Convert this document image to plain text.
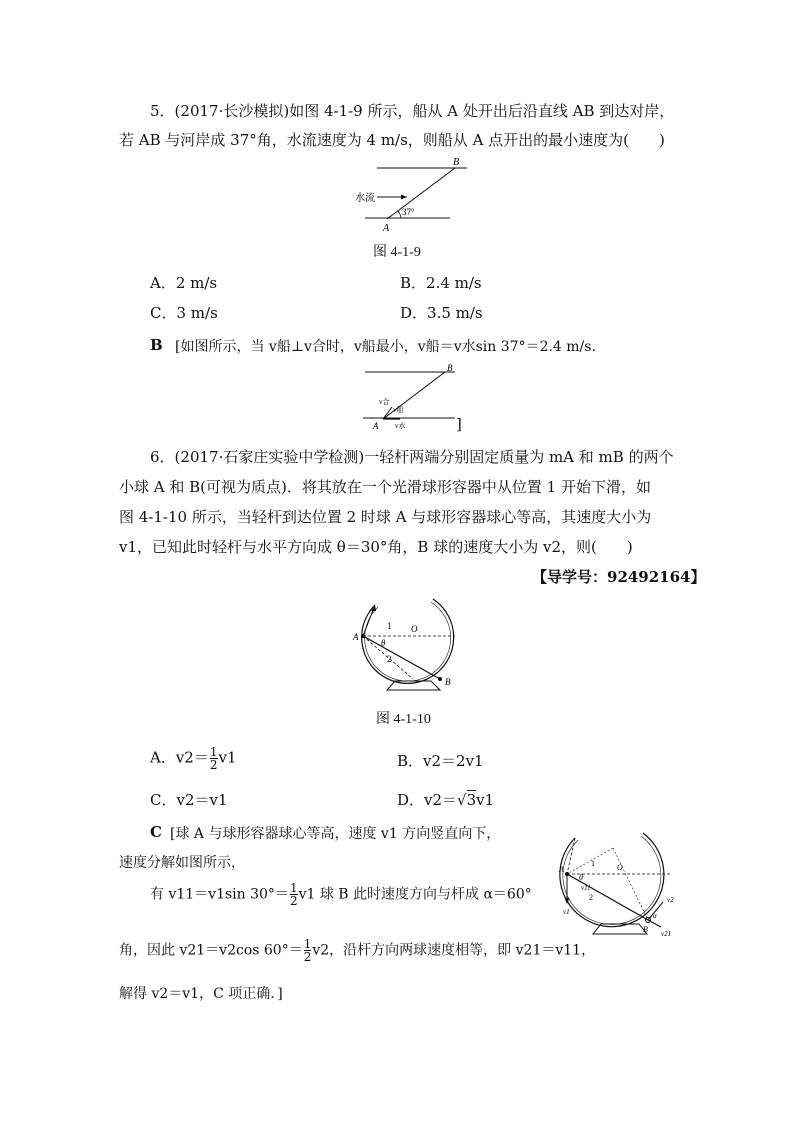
5．(2017·长沙模拟)如图 4-1-9 所示，船从 A 处开出后沿直线 AB 到达对岸，
若 AB 与河岸成 37°角，水流速度为 4 m/s，则船从 A 点开出的最小速度为(　　)
B
A
水流
37°
图 4-1-9
A．2 m/s	B．2.4 m/s
C．3 m/s	D．3.5 m/s
B [如图所示，当 v船⊥v合时，v船最小，v船＝v水sin 37°＝2.4 m/s.
B
A
v合
v船
v水	]
6．(2017·石家庄实验中学检测)一轻杆两端分别固定质量为 mA 和 mB 的两个
小球 A 和 B(可视为质点)．将其放在一个光滑球形容器中从位置 1 开始下滑，如
图 4-1-10 所示，当轻杆到达位置 2 时球 A 与球形容器球心等高，其速度大小为
v1，已知此时轻杆与水平方向成 θ＝30°角，B 球的速度大小为 v2，则(　　)
【导学号：92492164】
A
B
O
1
2
θ
图 4-1-10
A．$v2= \frac{1}{2} v1$	B．v2＝2v1
C．v2＝v1	D．v2＝√3v1
C [球 A 与球形容器球心等高，速度 v1 方向竖直向下，
速度分解如图所示，
有 v11＝v1sin $30^\circ= \frac{1}{2} v1$ 球 B 此时速度方向与杆成 α＝60°
角，因此 v21＝v2cos $60^\circ= \frac{1}{2} v2$，沿杆方向两球速度相等，即 v21＝v11，
解得 v2＝v1，C 项正确．]
A
B
O
1
2
θ
v1
v11
v2
v21
α
